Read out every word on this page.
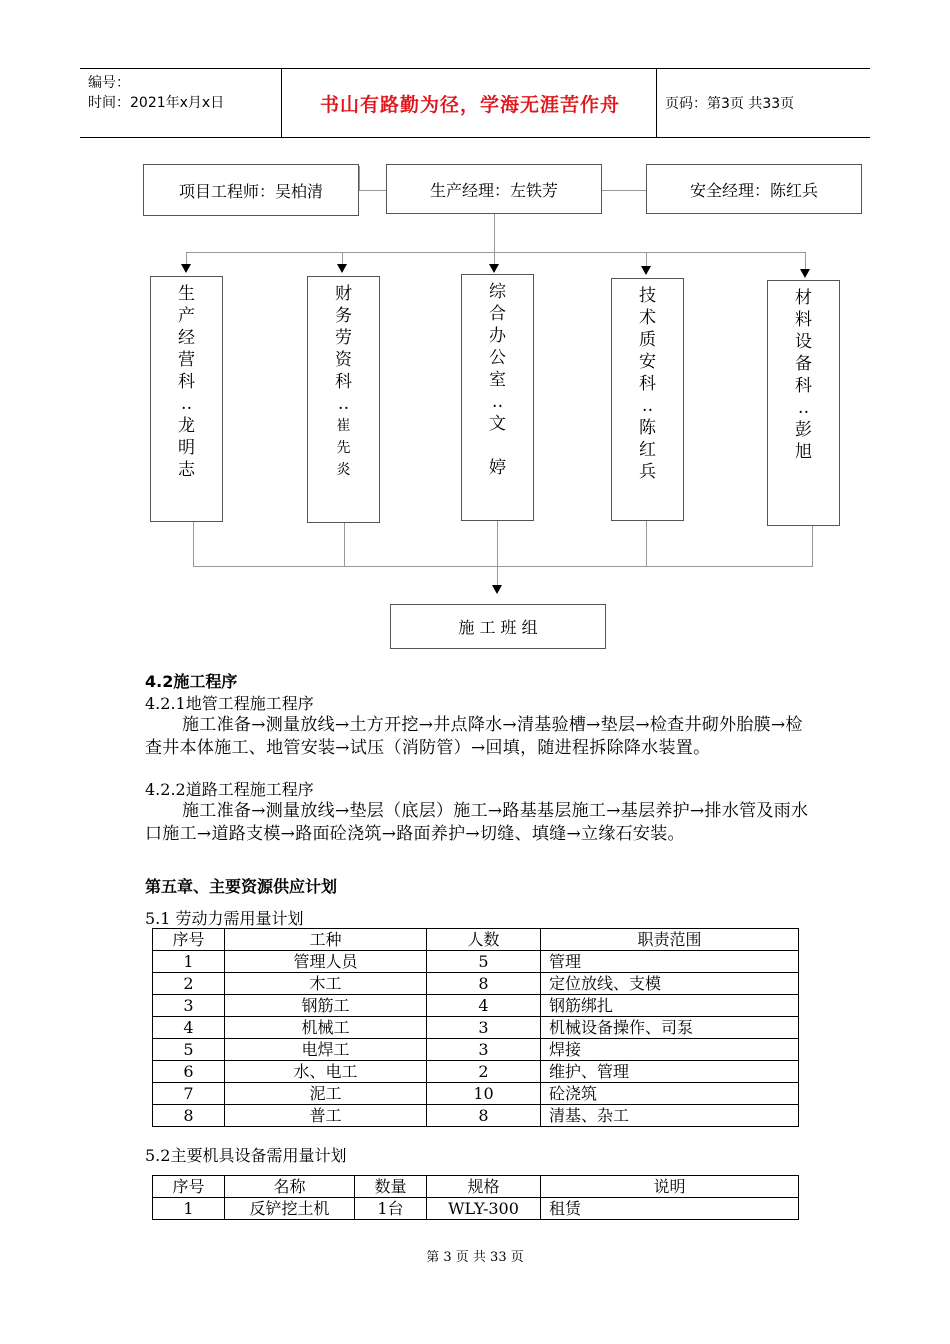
编号：
时间：2021年x月x日	书山有路勤为径，学海无涯苦作舟	页码：第3页 共33页
项目工程师：吴柏清	生产经理：左铁芳	安全经理：陈红兵
生
产
经
营
科
‥
龙
明
志
财
务
劳
资
科
‥
崔
先
炎
综
合
办
公
室
‥
文
婷
技
术
质
安
科
‥
陈
红
兵
材
料
设
备
科
‥
彭
旭
施 工 班 组
4.2施工程序
4.2.1地管工程施工程序
施工准备→测量放线→土方开挖→井点降水→清基验槽→垫层→检查井砌外胎膜→检查井本体施工、地管安装→试压（消防管）→回填，随进程拆除降水装置。
4.2.2道路工程施工程序
施工准备→测量放线→垫层（底层）施工→路基基层施工→基层养护→排水管及雨水口施工→道路支模→路面砼浇筑→路面养护→切缝、填缝→立缘石安装。
第五章、主要资源供应计划
5.1 劳动力需用量计划
序号	工种	人数	职责范围
1	管理人员	5	管理
2	木工	8	定位放线、支模
3	钢筋工	4	钢筋绑扎
4	机械工	3	机械设备操作、司泵
5	电焊工	3	焊接
6	水、电工	2	维护、管理
7	泥工	10	砼浇筑
8	普工	8	清基、杂工
5.2主要机具设备需用量计划
序号	名称	数量	规格	说明
1	反铲挖土机	1台	WLY-300	租赁
第 3 页 共 33 页
